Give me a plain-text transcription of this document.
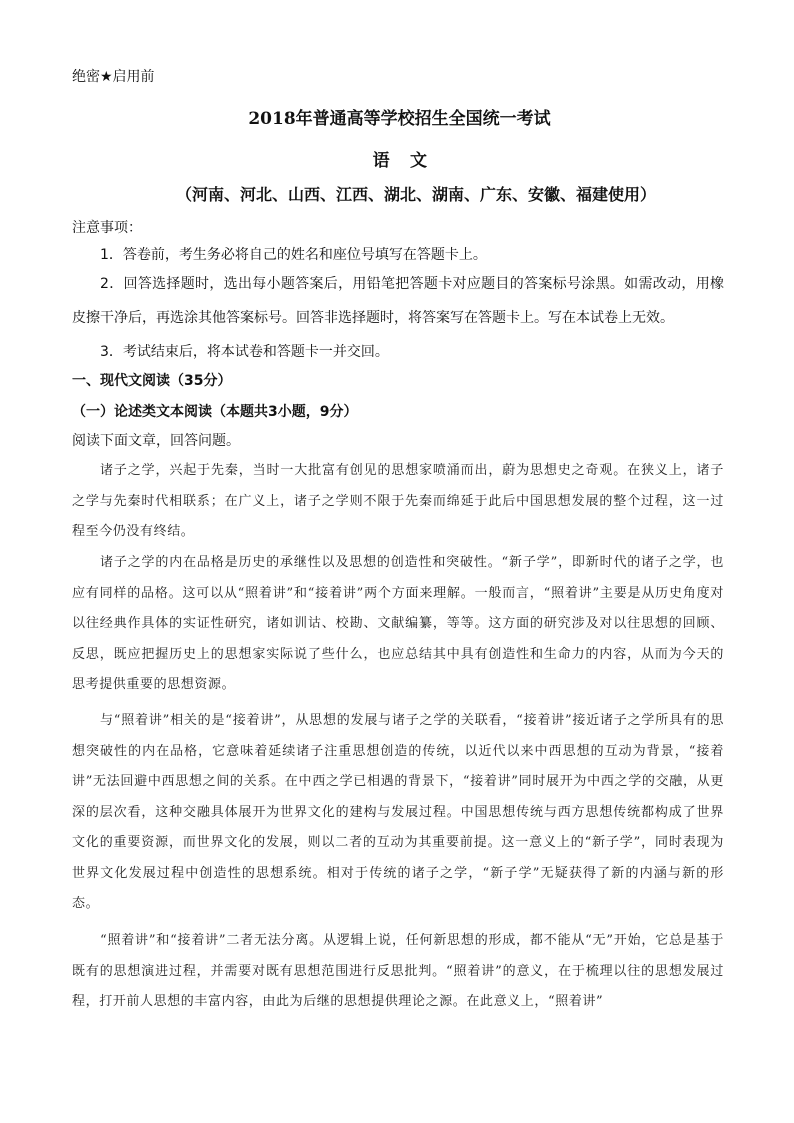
绝密★启用前
2018年普通高等学校招生全国统一考试
语文
（河南、河北、山西、江西、湖北、湖南、广东、安徽、福建使用）
注意事项：
1．答卷前，考生务必将自己的姓名和座位号填写在答题卡上。
2．回答选择题时，选出每小题答案后，用铅笔把答题卡对应题目的答案标号涂黑。如需改动，用橡皮擦干净后，再选涂其他答案标号。回答非选择题时，将答案写在答题卡上。写在本试卷上无效。
3．考试结束后，将本试卷和答题卡一并交回。
一、现代文阅读（35分）
（一）论述类文本阅读（本题共3小题，9分）
阅读下面文章，回答问题。
诸子之学，兴起于先秦，当时一大批富有创见的思想家喷涌而出，蔚为思想史之奇观。在狭义上，诸子之学与先秦时代相联系；在广义上，诸子之学则不限于先秦而绵延于此后中国思想发展的整个过程，这一过程至今仍没有终结。
诸子之学的内在品格是历史的承继性以及思想的创造性和突破性。“新子学”，即新时代的诸子之学，也应有同样的品格。这可以从“照着讲”和“接着讲”两个方面来理解。一般而言，“照着讲”主要是从历史角度对以往经典作具体的实证性研究，诸如训诂、校勘、文献编纂，等等。这方面的研究涉及对以往思想的回顾、反思，既应把握历史上的思想家实际说了些什么，也应总结其中具有创造性和生命力的内容，从而为今天的思考提供重要的思想资源。
与“照着讲”相关的是“接着讲”，从思想的发展与诸子之学的关联看，“接着讲”接近诸子之学所具有的思想突破性的内在品格，它意味着延续诸子注重思想创造的传统，以近代以来中西思想的互动为背景，“接着讲”无法回避中西思想之间的关系。在中西之学已相遇的背景下，“接着讲”同时展开为中西之学的交融，从更深的层次看，这种交融具体展开为世界文化的建构与发展过程。中国思想传统与西方思想传统都构成了世界文化的重要资源，而世界文化的发展，则以二者的互动为其重要前提。这一意义上的“新子学”，同时表现为世界文化发展过程中创造性的思想系统。相对于传统的诸子之学，“新子学”无疑获得了新的内涵与新的形态。
“照着讲”和“接着讲”二者无法分离。从逻辑上说，任何新思想的形成，都不能从“无”开始，它总是基于既有的思想演进过程，并需要对既有思想范围进行反思批判。“照着讲”的意义，在于梳理以往的思想发展过程，打开前人思想的丰富内容，由此为后继的思想提供理论之源。在此意义上，“照着讲”
